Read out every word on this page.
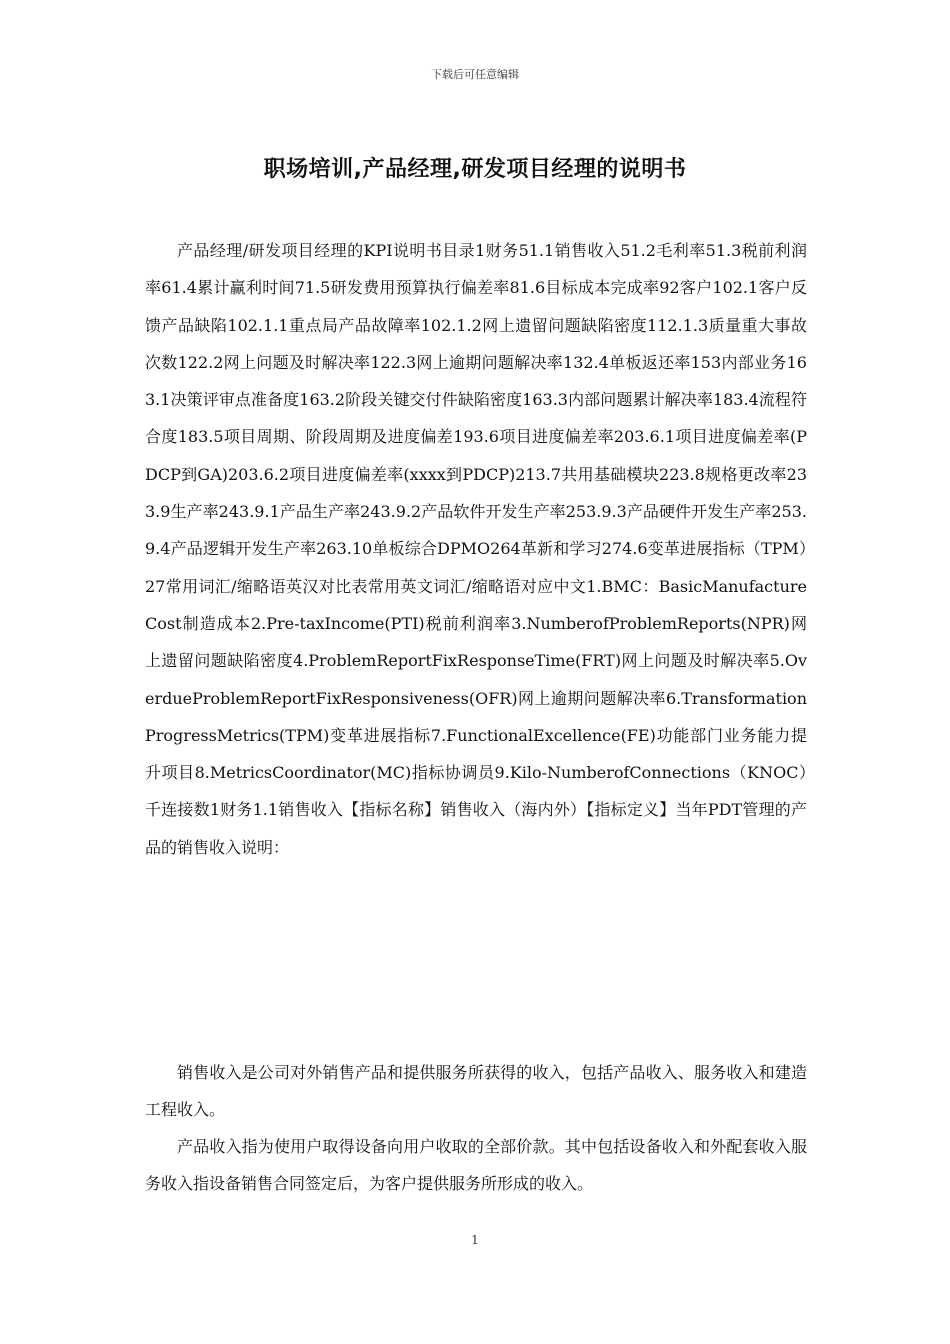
下载后可任意编辑
职场培训,产品经理,研发项目经理的说明书

产品经理/研发项目经理的KPI说明书目录1财务51.1销售收入51.2毛利率51.3税前利润率61.4累计赢利时间71.5研发费用预算执行偏差率81.6目标成本完成率92客户102.1客户反馈产品缺陷102.1.1重点局产品故障率102.1.2网上遗留问题缺陷密度112.1.3质量重大事故次数122.2网上问题及时解决率122.3网上逾期问题解决率132.4单板返还率153内部业务163.1决策评审点准备度163.2阶段关键交付件缺陷密度163.3内部问题累计解决率183.4流程符合度183.5项目周期、阶段周期及进度偏差193.6项目进度偏差率203.6.1项目进度偏差率(PDCP到GA)203.6.2项目进度偏差率(xxxx到PDCP)213.7共用基础模块223.8规格更改率233.9生产率243.9.1产品生产率243.9.2产品软件开发生产率253.9.3产品硬件开发生产率253.9.4产品逻辑开发生产率263.10单板综合DPMO264革新和学习274.6变革进展指标（TPM）27常用词汇/缩略语英汉对比表常用英文词汇/缩略语对应中文1.BMC：BasicManufactureCost制造成本2.Pre-taxIncome(PTI)税前利润率3.NumberofProblemReports(NPR)网上遗留问题缺陷密度4.ProblemReportFixResponseTime(FRT)网上问题及时解决率5.OverdueProblemReportFixResponsiveness(OFR)网上逾期问题解决率6.TransformationProgressMetrics(TPM)变革进展指标7.FunctionalExcellence(FE)功能部门业务能力提升项目8.MetricsCoordinator(MC)指标协调员9.Kilo-NumberofConnections（KNOC）千连接数1财务1.1销售收入【指标名称】销售收入（海内外）【指标定义】当年PDT管理的产品的销售收入说明：

销售收入是公司对外销售产品和提供服务所获得的收入，包括产品收入、服务收入和建造工程收入。

产品收入指为使用户取得设备向用户收取的全部价款。其中包括设备收入和外配套收入服务收入指设备销售合同签定后，为客户提供服务所形成的收入。

1
